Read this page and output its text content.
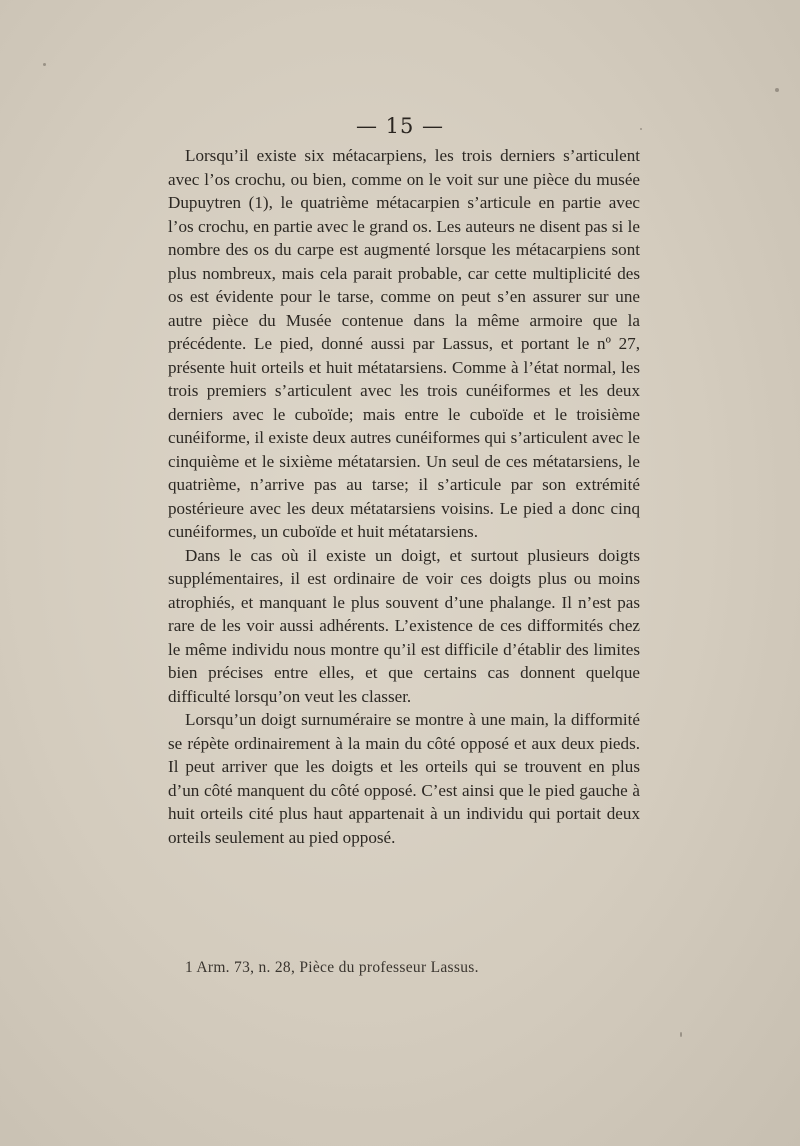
— 15 —

Lorsqu’il existe six métacarpiens, les trois derniers s’articulent avec l’os crochu, ou bien, comme on le voit sur une pièce du musée Dupuytren (1), le quatrième métacarpien s’articule en partie avec l’os crochu, en partie avec le grand os. Les auteurs ne disent pas si le nombre des os du carpe est augmenté lorsque les métacarpiens sont plus nombreux, mais cela parait probable, car cette multiplicité des os est évidente pour le tarse, comme on peut s’en assurer sur une autre pièce du Musée contenue dans la même armoire que la précédente. Le pied, donné aussi par Lassus, et portant le nº 27, présente huit orteils et huit métatarsiens. Comme à l’état normal, les trois premiers s’articulent avec les trois cunéiformes et les deux derniers avec le cuboïde; mais entre le cuboïde et le troisième cunéiforme, il existe deux autres cunéiformes qui s’articulent avec le cinquième et le sixième métatarsien. Un seul de ces métatarsiens, le quatrième, n’arrive pas au tarse; il s’articule par son extrémité postérieure avec les deux métatarsiens voisins. Le pied a donc cinq cunéiformes, un cuboïde et huit métatarsiens.

Dans le cas où il existe un doigt, et surtout plusieurs doigts supplémentaires, il est ordinaire de voir ces doigts plus ou moins atrophiés, et manquant le plus souvent d’une phalange. Il n’est pas rare de les voir aussi adhérents. L’existence de ces difformités chez le même individu nous montre qu’il est difficile d’établir des limites bien précises entre elles, et que certains cas donnent quelque difficulté lorsqu’on veut les classer.

Lorsqu’un doigt surnuméraire se montre à une main, la difformité se répète ordinairement à la main du côté opposé et aux deux pieds. Il peut arriver que les doigts et les orteils qui se trouvent en plus d’un côté manquent du côté opposé. C’est ainsi que le pied gauche à huit orteils cité plus haut appartenait à un individu qui portait deux orteils seulement au pied opposé.

1 Arm. 73, n. 28, Pièce du professeur Lassus.
